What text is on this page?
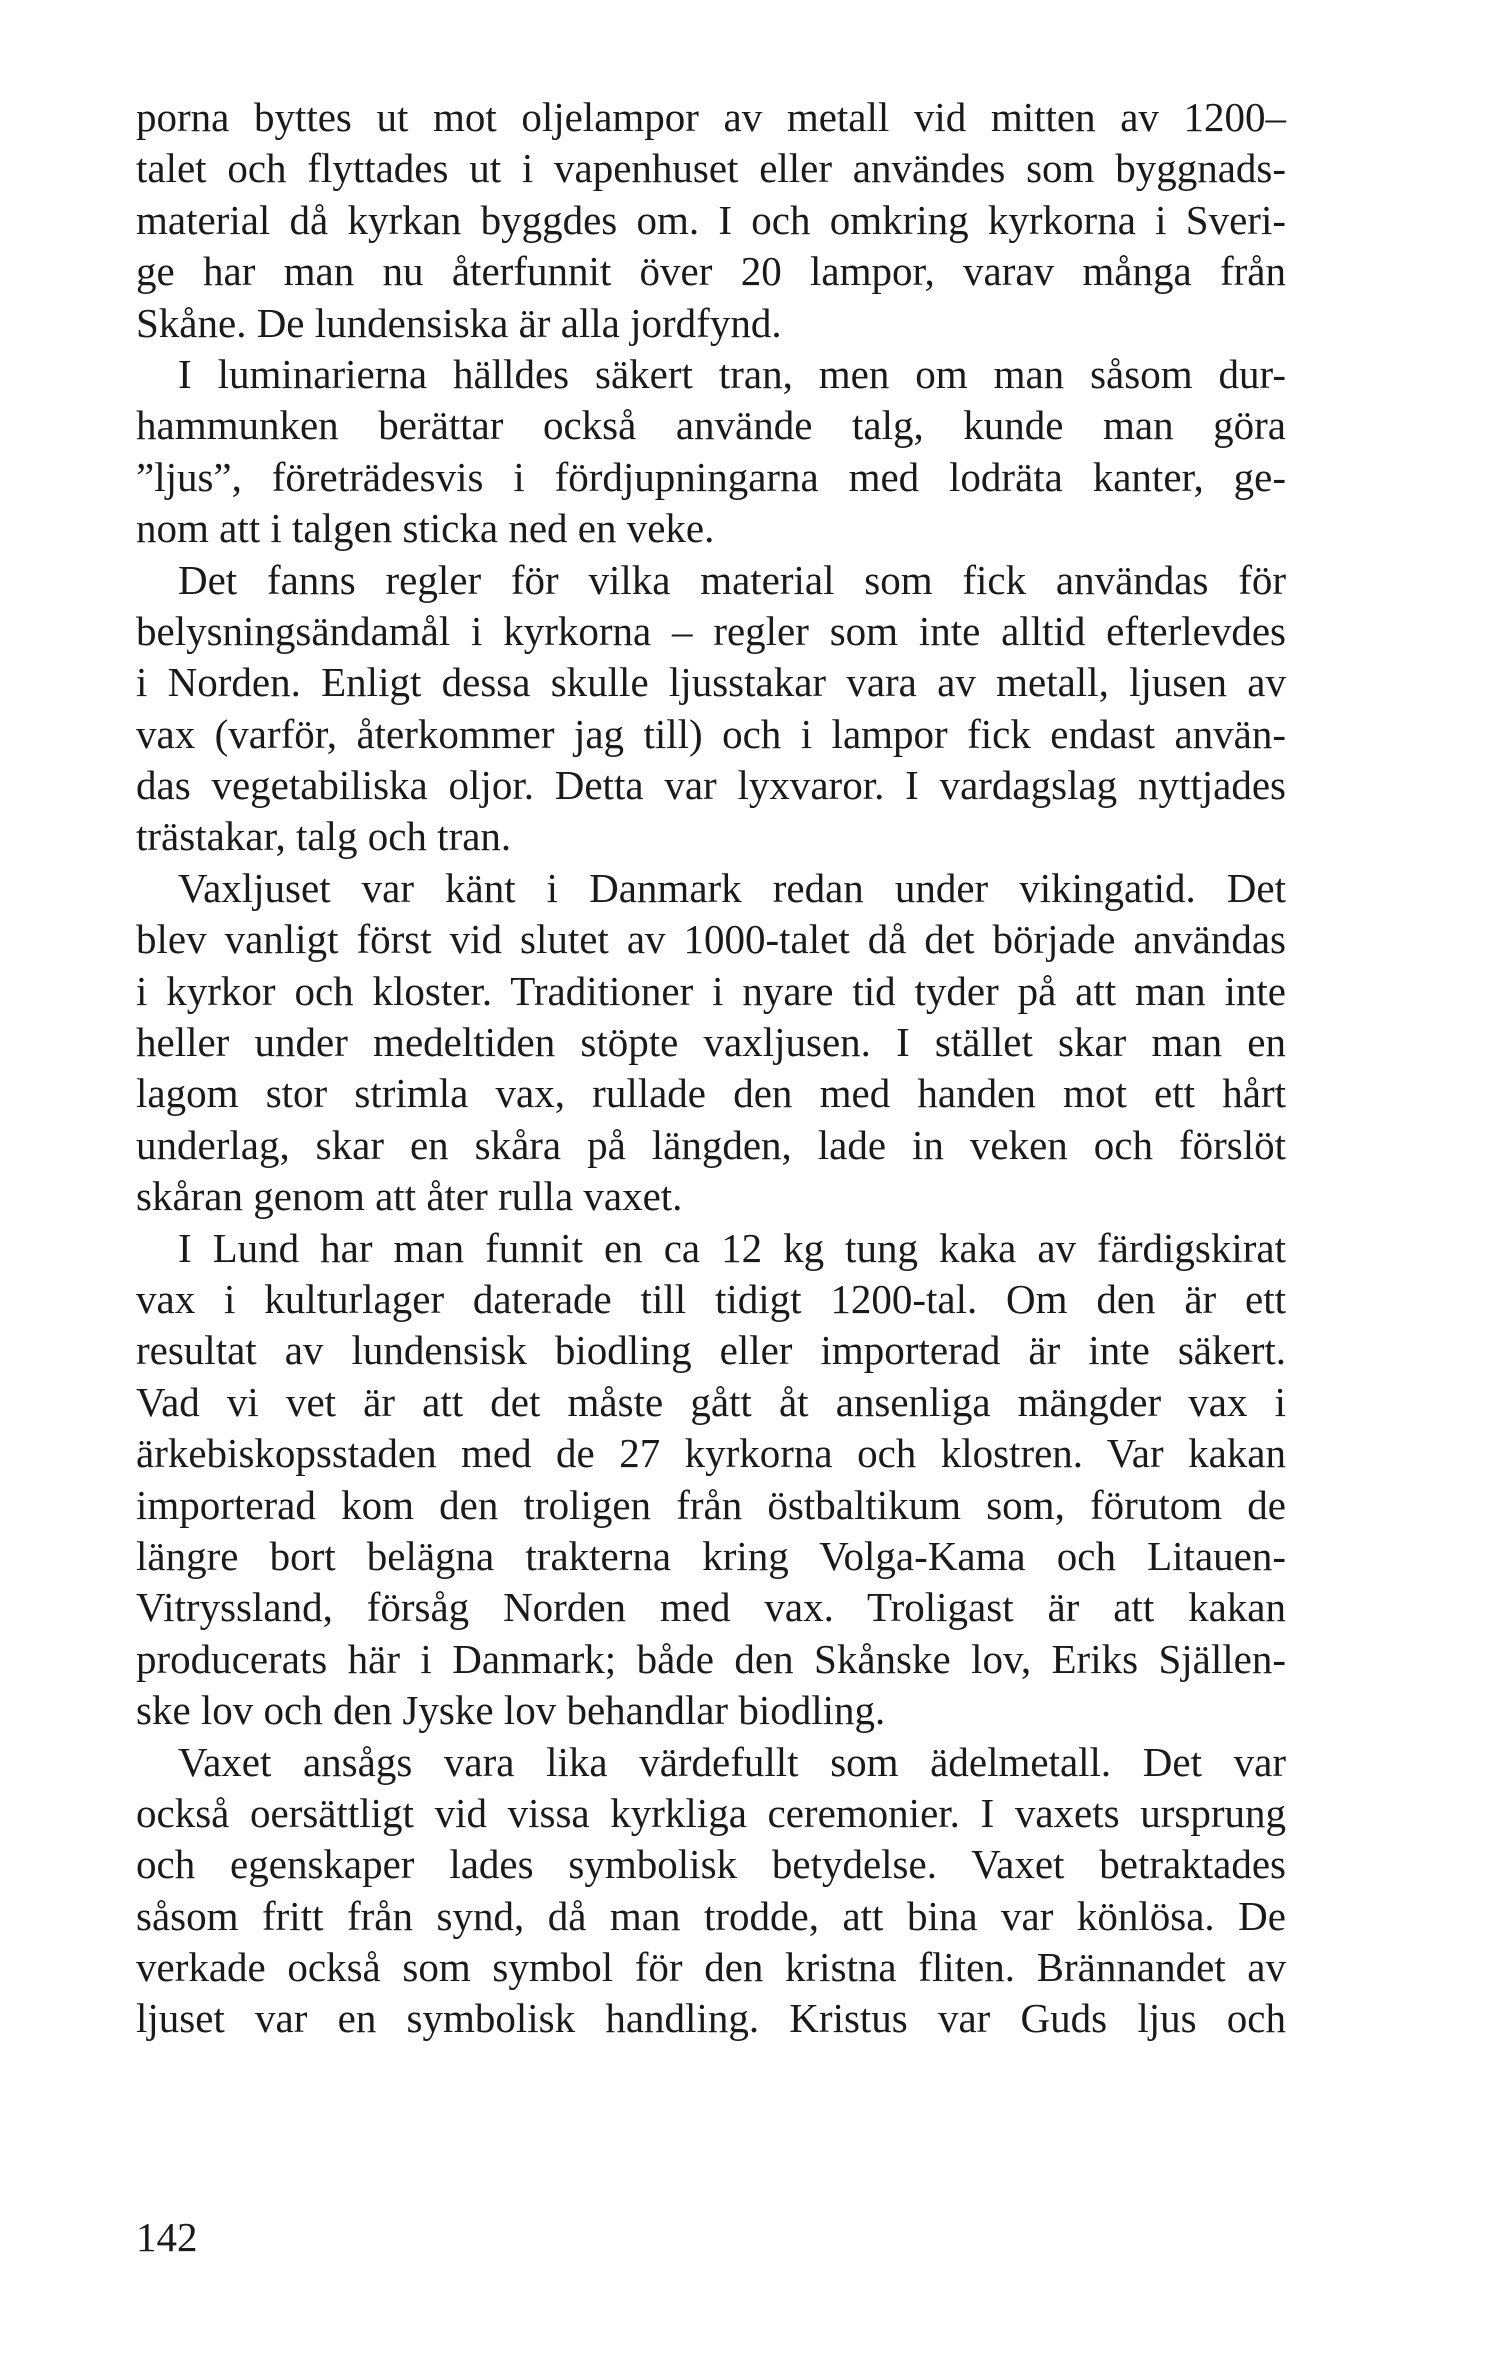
porna byttes ut mot oljelampor av metall vid mitten av 1200–
talet och flyttades ut i vapenhuset eller användes som byggnads-
material då kyrkan byggdes om. I och omkring kyrkorna i Sveri-
ge har man nu återfunnit över 20 lampor, varav många från
Skåne. De lundensiska är alla jordfynd.
I luminarierna hälldes säkert tran, men om man såsom dur-
hammunken berättar också använde talg, kunde man göra
”ljus”, företrädesvis i fördjupningarna med lodräta kanter, ge-
nom att i talgen sticka ned en veke.
Det fanns regler för vilka material som fick användas för
belysningsändamål i kyrkorna – regler som inte alltid efterlevdes
i Norden. Enligt dessa skulle ljusstakar vara av metall, ljusen av
vax (varför, återkommer jag till) och i lampor fick endast använ-
das vegetabiliska oljor. Detta var lyxvaror. I vardagslag nyttjades
trästakar, talg och tran.
Vaxljuset var känt i Danmark redan under vikingatid. Det
blev vanligt först vid slutet av 1000-talet då det började användas
i kyrkor och kloster. Traditioner i nyare tid tyder på att man inte
heller under medeltiden stöpte vaxljusen. I stället skar man en
lagom stor strimla vax, rullade den med handen mot ett hårt
underlag, skar en skåra på längden, lade in veken och förslöt
skåran genom att åter rulla vaxet.
I Lund har man funnit en ca 12 kg tung kaka av färdigskirat
vax i kulturlager daterade till tidigt 1200-tal. Om den är ett
resultat av lundensisk biodling eller importerad är inte säkert.
Vad vi vet är att det måste gått åt ansenliga mängder vax i
ärkebiskopsstaden med de 27 kyrkorna och klostren. Var kakan
importerad kom den troligen från östbaltikum som, förutom de
längre bort belägna trakterna kring Volga-Kama och Litauen-
Vitryssland, försåg Norden med vax. Troligast är att kakan
producerats här i Danmark; både den Skånske lov, Eriks Själlen-
ske lov och den Jyske lov behandlar biodling.
Vaxet ansågs vara lika värdefullt som ädelmetall. Det var
också oersättligt vid vissa kyrkliga ceremonier. I vaxets ursprung
och egenskaper lades symbolisk betydelse. Vaxet betraktades
såsom fritt från synd, då man trodde, att bina var könlösa. De
verkade också som symbol för den kristna fliten. Brännandet av
ljuset var en symbolisk handling. Kristus var Guds ljus och
142
